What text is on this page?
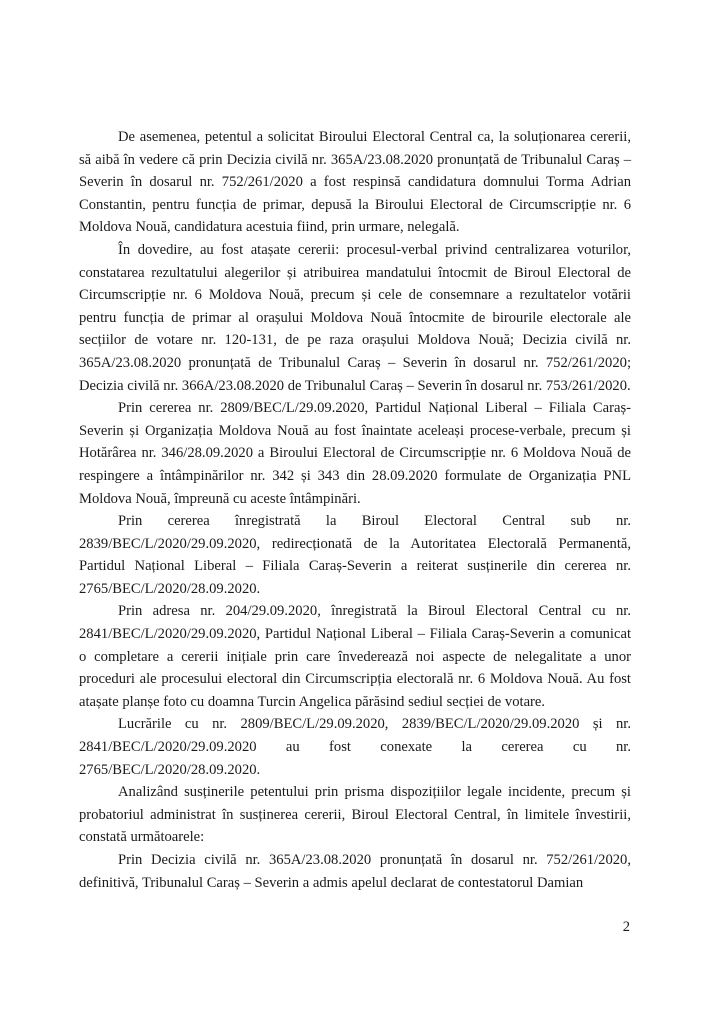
De asemenea, petentul a solicitat Biroului Electoral Central ca, la soluționarea cererii, să aibă în vedere că prin Decizia civilă nr. 365A/23.08.2020 pronunțată de Tribunalul Caraș – Severin în dosarul nr. 752/261/2020 a fost respinsă candidatura domnului Torma Adrian Constantin, pentru funcția de primar, depusă la Biroului Electoral de Circumscripție nr. 6 Moldova Nouă, candidatura acestuia fiind, prin urmare, nelegală.

În dovedire, au fost atașate cererii: procesul-verbal privind centralizarea voturilor, constatarea rezultatului alegerilor și atribuirea mandatului întocmit de Biroul Electoral de Circumscripție nr. 6 Moldova Nouă, precum și cele de consemnare a rezultatelor votării pentru funcția de primar al orașului Moldova Nouă întocmite de birourile electorale ale secțiilor de votare nr. 120-131, de pe raza orașului Moldova Nouă; Decizia civilă nr. 365A/23.08.2020 pronunțată de Tribunalul Caraș – Severin în dosarul nr. 752/261/2020; Decizia civilă nr. 366A/23.08.2020 de Tribunalul Caraș – Severin în dosarul nr. 753/261/2020.

Prin cererea nr. 2809/BEC/L/29.09.2020, Partidul Național Liberal – Filiala Caraș-Severin și Organizația Moldova Nouă au fost înaintate aceleași procese-verbale, precum și Hotărârea nr. 346/28.09.2020 a Biroului Electoral de Circumscripție nr. 6 Moldova Nouă de respingere a întâmpinărilor nr. 342 și 343 din 28.09.2020 formulate de Organizația PNL Moldova Nouă, împreună cu aceste întâmpinări.

Prin cererea înregistrată la Biroul Electoral Central sub nr. 2839/BEC/L/2020/29.09.2020, redirecționată de la Autoritatea Electorală Permanentă, Partidul Național Liberal – Filiala Caraș-Severin a reiterat susținerile din cererea nr. 2765/BEC/L/2020/28.09.2020.

Prin adresa nr. 204/29.09.2020, înregistrată la Biroul Electoral Central cu nr. 2841/BEC/L/2020/29.09.2020, Partidul Național Liberal – Filiala Caraș-Severin a comunicat o completare a cererii inițiale prin care învederează noi aspecte de nelegalitate a unor proceduri ale procesului electoral din Circumscripția electorală nr. 6 Moldova Nouă. Au fost atașate planșe foto cu doamna Turcin Angelica părăsind sediul secției de votare.

Lucrările cu nr. 2809/BEC/L/29.09.2020, 2839/BEC/L/2020/29.09.2020 și nr. 2841/BEC/L/2020/29.09.2020 au fost conexate la cererea cu nr. 2765/BEC/L/2020/28.09.2020.

Analizând susținerile petentului prin prisma dispozițiilor legale incidente, precum și probatoriul administrat în susținerea cererii, Biroul Electoral Central, în limitele învestirii, constată următoarele:

Prin Decizia civilă nr. 365A/23.08.2020 pronunțată în dosarul nr. 752/261/2020, definitivă, Tribunalul Caraș – Severin a admis apelul declarat de contestatorul Damian

2
